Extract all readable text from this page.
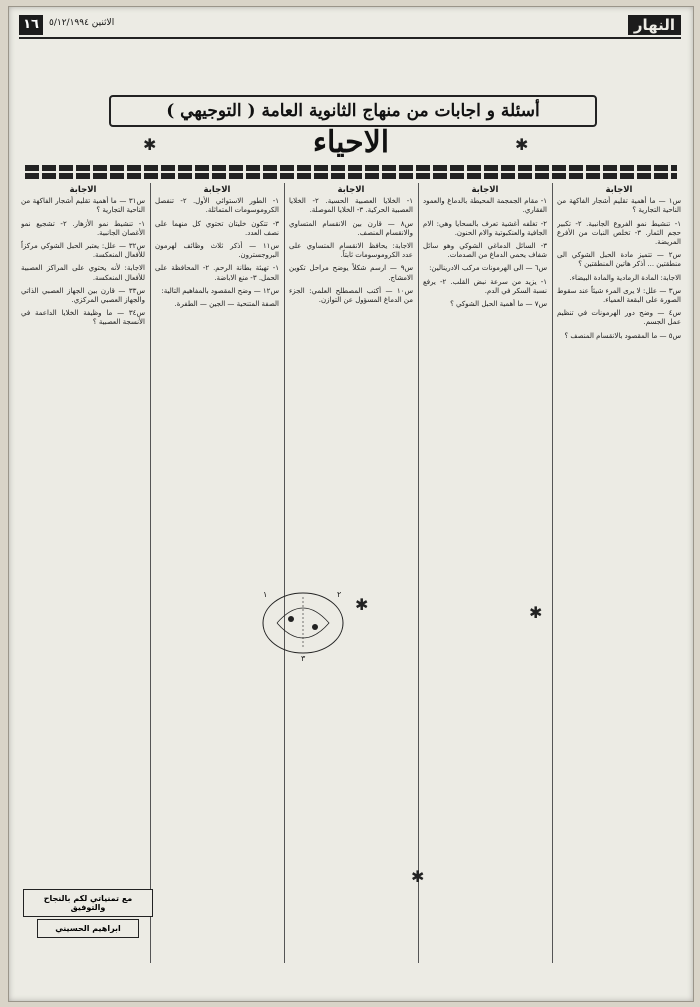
النهار
١٦	الاثنين ٥/١٢/١٩٩٤
أسئلة و اجابات من منهاج الثانوية العامة ( التوجيهي )
✱	✱
الاحياء
الاجابة

س١ — ما أهمية تقليم أشجار الفاكهة من الناحية التجارية ؟

١- تنشيط نمو الفروع الجانبية. ٢- تكبير حجم الثمار. ٣- تخلص النبات من الأفرع المريضة.

س٢ — تتميز مادة الحبل الشوكي الى منطقتين ... أذكر هاتين المنطقتين ؟

الاجابة: المادة الرمادية والمادة البيضاء.

س٣ — علل: لا يرى المرء شيئاً عند سقوط الصورة على البقعة العمياء.

س٤ — وضح دور الهرمونات في تنظيم عمل الجسم.

س٥ — ما المقصود بالانقسام المنصف ؟

الاجابة

١- مقام الجمجمة المحيطة بالدماغ والعمود الفقاري.

٢- تغلفه أغشية تعرف بالسحايا وهي: الام الجافية والعنكبوتية والام الحنون.

٣- السائل الدماغي الشوكي وهو سائل شفاف يحمي الدماغ من الصدمات.

س٦ — الى الهرمونات مركب الادرينالين:

١- يزيد من سرعة نبض القلب. ٢- يرفع نسبة السكر في الدم.

س٧ — ما أهمية الحبل الشوكي ؟

الاجابة

١- الخلايا العصبية الحسية. ٢- الخلايا العصبية الحركية. ٣- الخلايا الموصلة.

س٨ — قارن بين الانقسام المتساوي والانقسام المنصف.

الاجابة: يحافظ الانقسام المتساوي على عدد الكروموسومات ثابتاً.

س٩ — ارسم شكلاً يوضح مراحل تكوين الامشاج.

س١٠ — أكتب المصطلح العلمي: الجزء من الدماغ المسؤول عن التوازن.

الاجابة

١- الطور الاستوائي الأول. ٢- تنفصل الكروموسومات المتماثلة.

٣- تتكون خليتان تحتوي كل منهما على نصف العدد.

س١١ — أذكر ثلاث وظائف لهرمون البروجسترون.

١- تهيئة بطانة الرحم. ٢- المحافظة على الحمل. ٣- منع الاباضة.

س١٢ — وضح المقصود بالمفاهيم التالية:

الصفة المتنحية — الجين — الطفرة.

الاجابة

س٣١ — ما أهمية تقليم أشجار الفاكهة من الناحية التجارية ؟

١- تنشيط نمو الأزهار. ٢- تشجيع نمو الأغصان الجانبية.

س٣٢ — علل: يعتبر الحبل الشوكي مركزاً للأفعال المنعكسة.

الاجابة: لأنه يحتوي على المراكز العصبية للأفعال المنعكسة.

س٣٣ — قارن بين الجهاز العصبي الذاتي والجهاز العصبي المركزي.

س٣٤ — ما وظيفة الخلايا الداعمة في الأنسجة العصبية ؟

١	٢
٣
مع تمنياتي لكم بالنجاح والتوفيق
ابراهيم الحسيني
✱	✱
✱
